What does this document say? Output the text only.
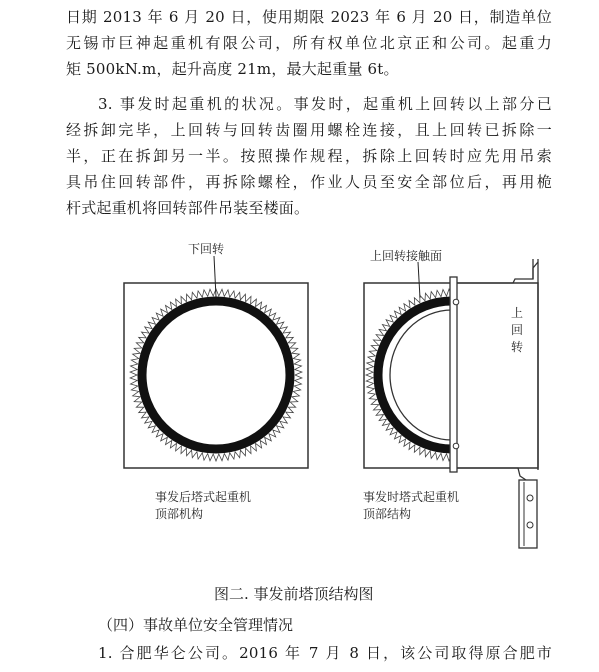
日期 2013 年 6 月 20 日，使用期限 2023 年 6 月 20 日，制造单位
无锡市巨神起重机有限公司，所有权单位北京正和公司。起重力
矩 500kN.m，起升高度 21m，最大起重量 6t。

3. 事发时起重机的状况。事发时，起重机上回转以上部分已
经拆卸完毕，上回转与回转齿圈用螺栓连接，且上回转已拆除一
半，正在拆卸另一半。按照操作规程，拆除上回转时应先用吊索
具吊住回转部件，再拆除螺栓，作业人员至安全部位后，再用桅
杆式起重机将回转部件吊装至楼面。

下回转	上回转接触面
上
回
转
事发后塔式起重机
顶部机构
事发时塔式起重机
顶部结构
图二. 事发前塔顶结构图
（四）事故单位安全管理情况

1. 合肥华仑公司。2016 年 7 月 8 日，该公司取得原合肥市
